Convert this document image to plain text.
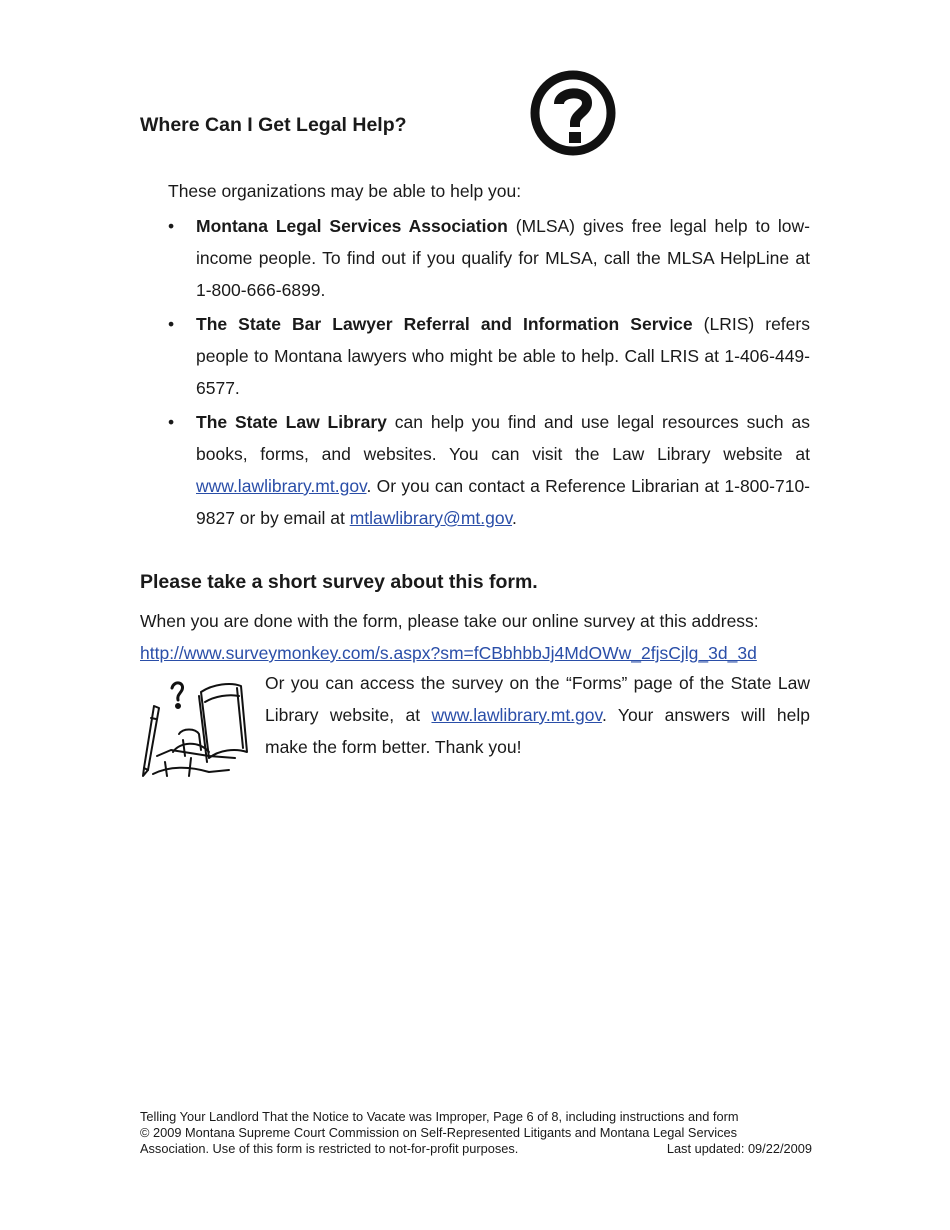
Where Can I Get Legal Help?

These organizations may be able to help you:

• Montana Legal Services Association (MLSA) gives free legal help to low-income people. To find out if you qualify for MLSA, call the MLSA HelpLine at 1-800-666-6899.
• The State Bar Lawyer Referral and Information Service (LRIS) refers people to Montana lawyers who might be able to help. Call LRIS at 1-406-449-6577.
• The State Law Library can help you find and use legal resources such as books, forms, and websites. You can visit the Law Library website at www.lawlibrary.mt.gov. Or you can contact a Reference Librarian at 1-800-710-9827 or by email at mtlawlibrary@mt.gov.
Please take a short survey about this form.

When you are done with the form, please take our online survey at this address:
http://www.surveymonkey.com/s.aspx?sm=fCBbhbbJj4MdOWw_2fjsCjlg_3d_3d

Or you can access the survey on the “Forms” page of the State Law Library website, at www.lawlibrary.mt.gov. Your answers will help make the form better. Thank you!

Telling Your Landlord That the Notice to Vacate was Improper, Page 6 of 8, including instructions and form
© 2009 Montana Supreme Court Commission on Self-Represented Litigants and Montana Legal Services
Association. Use of this form is restricted to not-for-profit purposes.	Last updated: 09/22/2009
